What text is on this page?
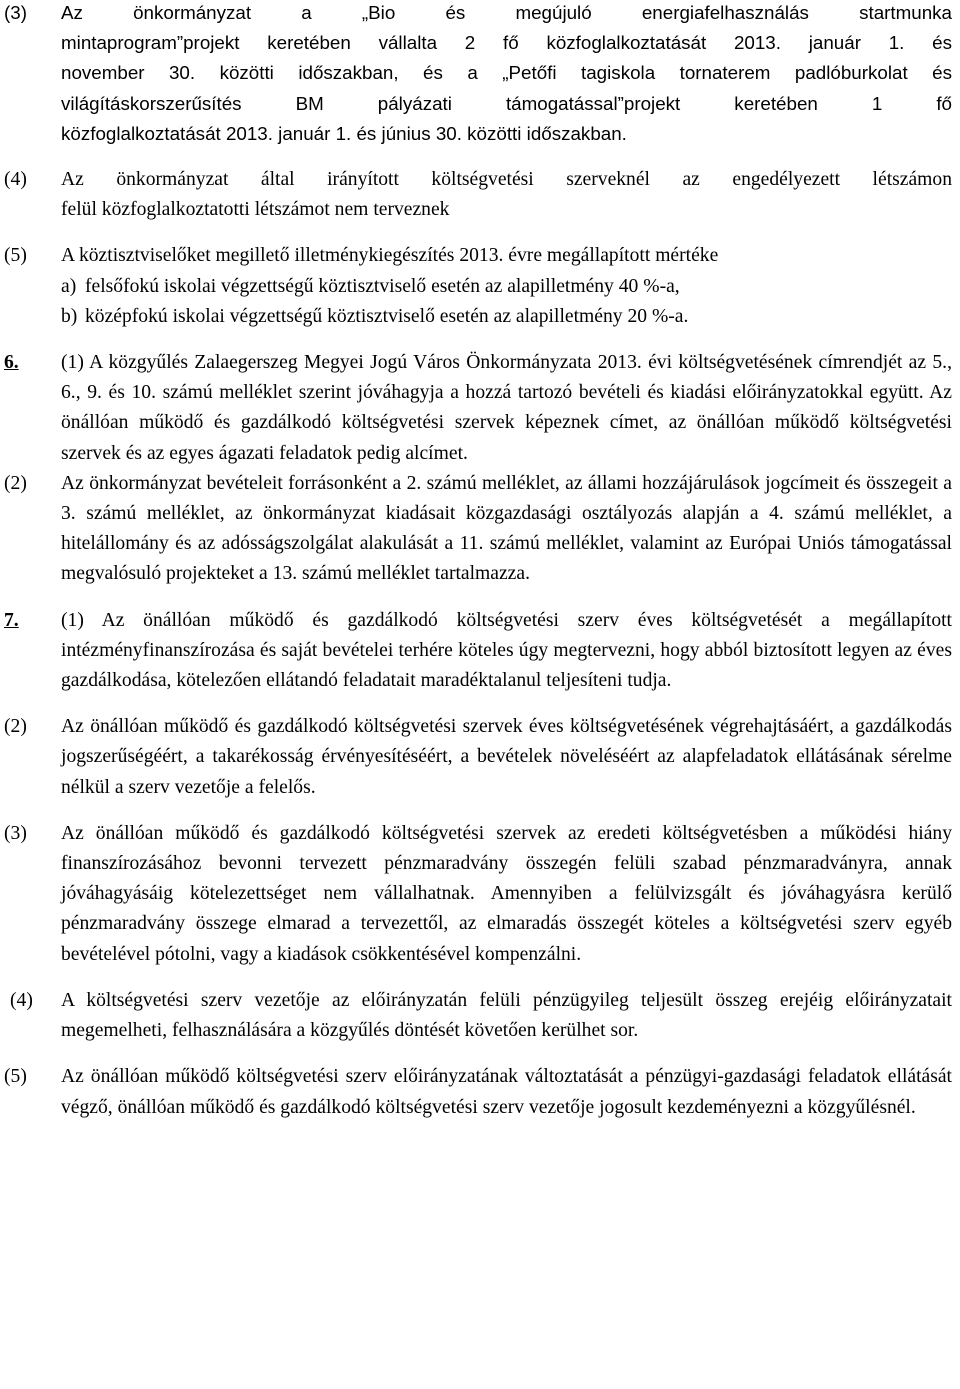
(3) Az önkormányzat a „Bio és megújuló energiafelhasználás startmunka
mintaprogram”projekt keretében vállalta 2 fő közfoglalkoztatását 2013. január 1. és
november 30. közötti időszakban, és a „Petőfi tagiskola tornaterem padlóburkolat és
világításkorszerűsítés BM pályázati támogatással”projekt keretében 1 fő
közfoglalkoztatását 2013. január 1. és június 30. közötti időszakban.
(4) Az önkormányzat által irányított költségvetési szerveknél az engedélyezett létszámon
felül közfoglalkoztatotti létszámot nem terveznek
(5) A köztisztviselőket megillető illetménykiegészítés 2013. évre megállapított mértéke
a) felsőfokú iskolai végzettségű köztisztviselő esetén az alapilletmény 40 %-a,
b) középfokú iskolai végzettségű köztisztviselő esetén az alapilletmény 20 %-a.
6. (1) A közgyűlés Zalaegerszeg Megyei Jogú Város Önkormányzata 2013. évi költségvetésének címrendjét az 5., 6., 9. és 10. számú melléklet szerint jóváhagyja a hozzá tartozó bevételi és kiadási előirányzatokkal együtt. Az önállóan működő és gazdálkodó költségvetési szervek képeznek címet, az önállóan működő költségvetési szervek és az egyes ágazati feladatok pedig alcímet.
(2) Az önkormányzat bevételeit forrásonként a 2. számú melléklet, az állami hozzájárulások jogcímeit és összegeit a 3. számú melléklet, az önkormányzat kiadásait közgazdasági osztályozás alapján a 4. számú melléklet, a hitelállomány és az adósságszolgálat alakulását a 11. számú melléklet, valamint az Európai Uniós támogatással megvalósuló projekteket a 13. számú melléklet tartalmazza.
7. (1) Az önállóan működő és gazdálkodó költségvetési szerv éves költségvetését a megállapított intézményfinanszírozása és saját bevételei terhére köteles úgy megtervezni, hogy abból biztosított legyen az éves gazdálkodása, kötelezően ellátandó feladatait maradéktalanul teljesíteni tudja.
(2) Az önállóan működő és gazdálkodó költségvetési szervek éves költségvetésének végrehajtásáért, a gazdálkodás jogszerűségéért, a takarékosság érvényesítéséért, a bevételek növeléséért az alapfeladatok ellátásának sérelme nélkül a szerv vezetője a felelős.
(3) Az önállóan működő és gazdálkodó költségvetési szervek az eredeti költségvetésben a működési hiány finanszírozásához bevonni tervezett pénzmaradvány összegén felüli szabad pénzmaradványra, annak jóváhagyásáig kötelezettséget nem vállalhatnak. Amennyiben a felülvizsgált és jóváhagyásra kerülő pénzmaradvány összege elmarad a tervezettől, az elmaradás összegét köteles a költségvetési szerv egyéb bevételével pótolni, vagy a kiadások csökkentésével kompenzálni.
(4) A költségvetési szerv vezetője az előirányzatán felüli pénzügyileg teljesült összeg erejéig előirányzatait megemelheti, felhasználására a közgyűlés döntését követően kerülhet sor.
(5) Az önállóan működő költségvetési szerv előirányzatának változtatását a pénzügyi-gazdasági feladatok ellátását végző, önállóan működő és gazdálkodó költségvetési szerv vezetője jogosult kezdeményezni a közgyűlésnél.
